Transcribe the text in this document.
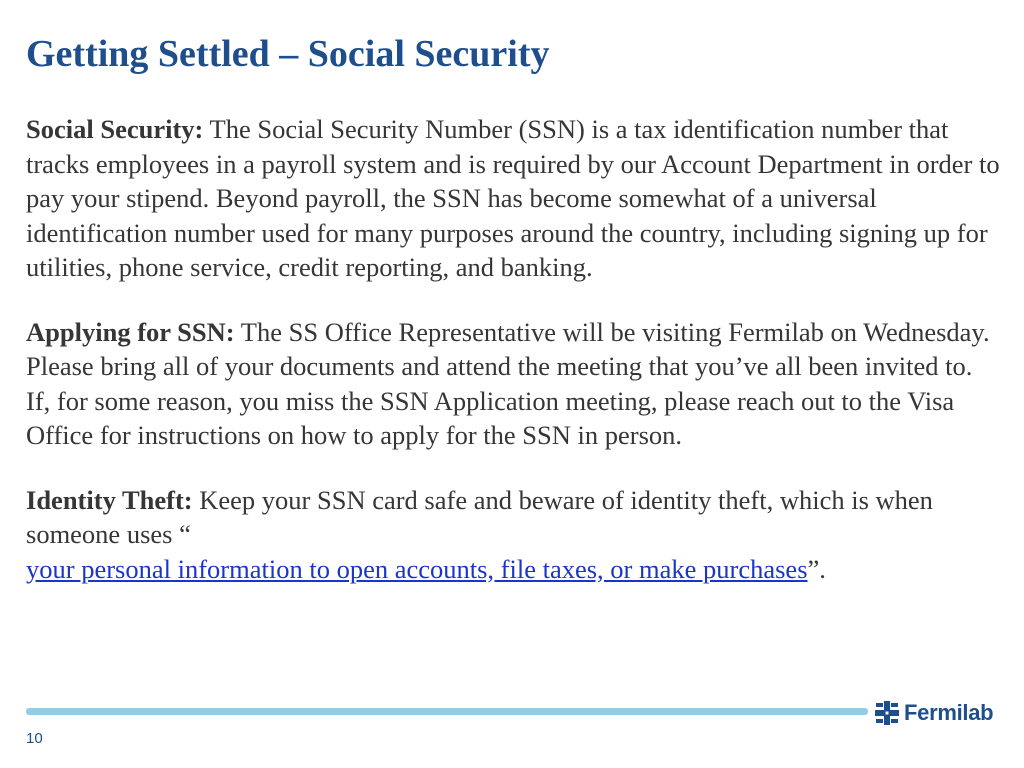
Getting Settled – Social Security

Social Security: The Social Security Number (SSN) is a tax identification number that tracks employees in a payroll system and is required by our Account Department in order to pay your stipend. Beyond payroll, the SSN has become somewhat of a universal identification number used for many purposes around the country, including signing up for utilities, phone service, credit reporting, and banking.

Applying for SSN: The SS Office Representative will be visiting Fermilab on Wednesday. Please bring all of your documents and attend the meeting that you’ve all been invited to. If, for some reason, you miss the SSN Application meeting, please reach out to the Visa Office for instructions on how to apply for the SSN in person.

Identity Theft: Keep your SSN card safe and beware of identity theft, which is when someone uses “
your personal information to open accounts, file taxes, or make purchases”.

Fermilab
10
